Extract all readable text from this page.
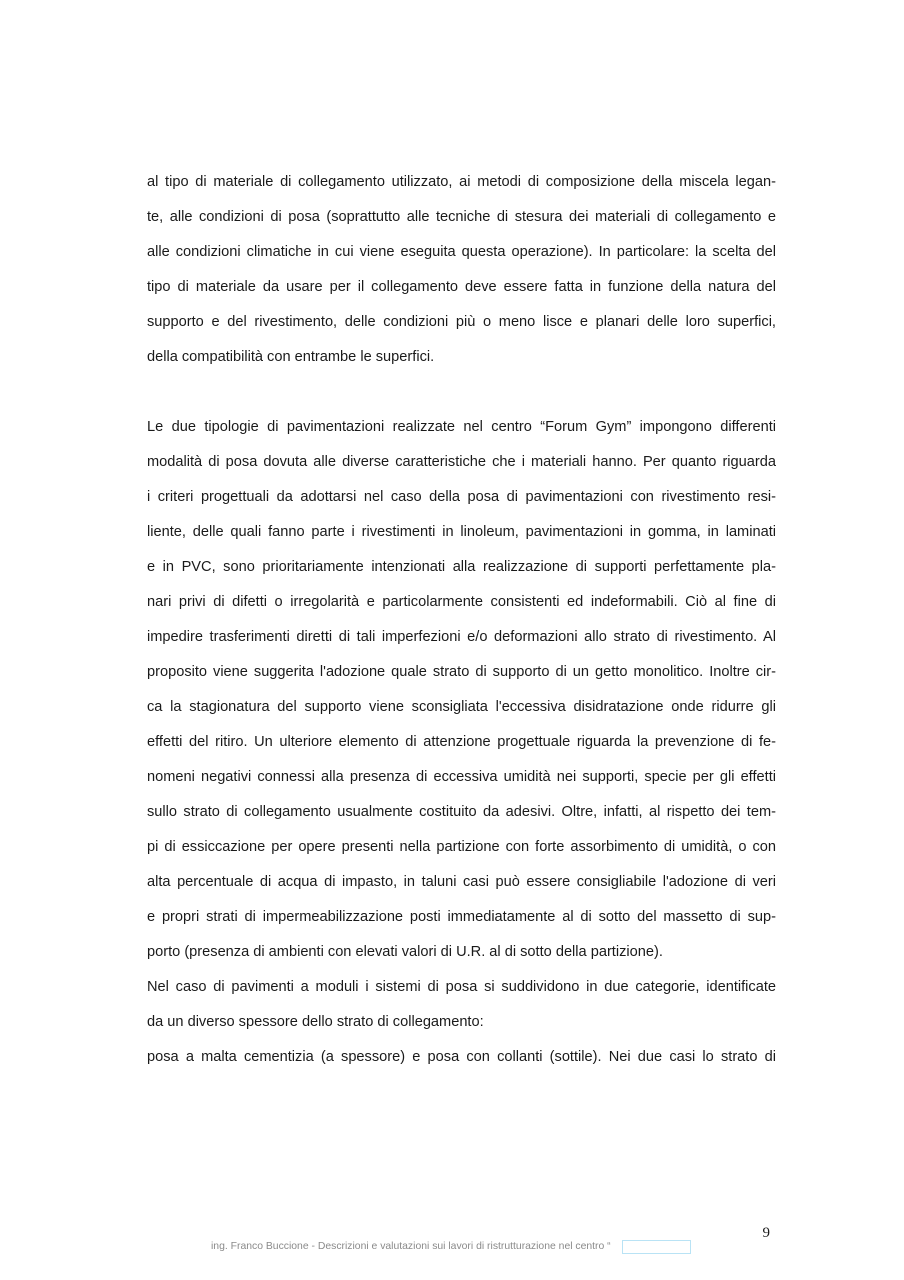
al tipo di materiale di collegamento utilizzato, ai metodi di composizione della miscela legan-
te, alle condizioni di posa (soprattutto alle tecniche di stesura dei materiali di collegamento e
alle condizioni climatiche in cui viene eseguita questa operazione). In particolare: la scelta del
tipo di materiale da usare per il collegamento deve essere fatta in funzione della natura del
supporto e del rivestimento, delle condizioni più o meno lisce e planari delle loro superfici,
della compatibilità con entrambe le superfici.
Le due tipologie di pavimentazioni realizzate nel centro “Forum Gym” impongono differenti
modalità di posa dovuta alle diverse caratteristiche che i materiali hanno. Per quanto riguarda
i criteri progettuali da adottarsi nel caso della posa di pavimentazioni con rivestimento resi-
liente, delle quali fanno parte i rivestimenti in linoleum, pavimentazioni in gomma, in laminati
e in PVC, sono prioritariamente intenzionati alla realizzazione di supporti perfettamente pla-
nari privi di difetti o irregolarità e particolarmente consistenti ed indeformabili. Ciò al fine di
impedire trasferimenti diretti di tali imperfezioni e/o deformazioni allo strato di rivestimento. Al
proposito viene suggerita l'adozione quale strato di supporto di un getto monolitico. Inoltre cir-
ca la stagionatura del supporto viene sconsigliata l'eccessiva disidratazione onde ridurre gli
effetti del ritiro. Un ulteriore elemento di attenzione progettuale riguarda la prevenzione di fe-
nomeni negativi connessi alla presenza di eccessiva umidità nei supporti, specie per gli effetti
sullo strato di collegamento usualmente costituito da adesivi. Oltre, infatti, al rispetto dei tem-
pi di essiccazione per opere presenti nella partizione con forte assorbimento di umidità, o con
alta percentuale di acqua di impasto, in taluni casi può essere consigliabile l'adozione di veri
e propri strati di impermeabilizzazione posti immediatamente al di sotto del massetto di sup-
porto (presenza di ambienti con elevati valori di U.R. al di sotto della partizione).
Nel caso di pavimenti a moduli i sistemi di posa si suddividono in due categorie, identificate
da un diverso spessore dello strato di collegamento:
posa a malta cementizia (a spessore) e posa con collanti (sottile). Nei due casi lo strato di
9
ing. Franco Buccione - Descrizioni e valutazioni sui lavori di ristrutturazione nel centro “
